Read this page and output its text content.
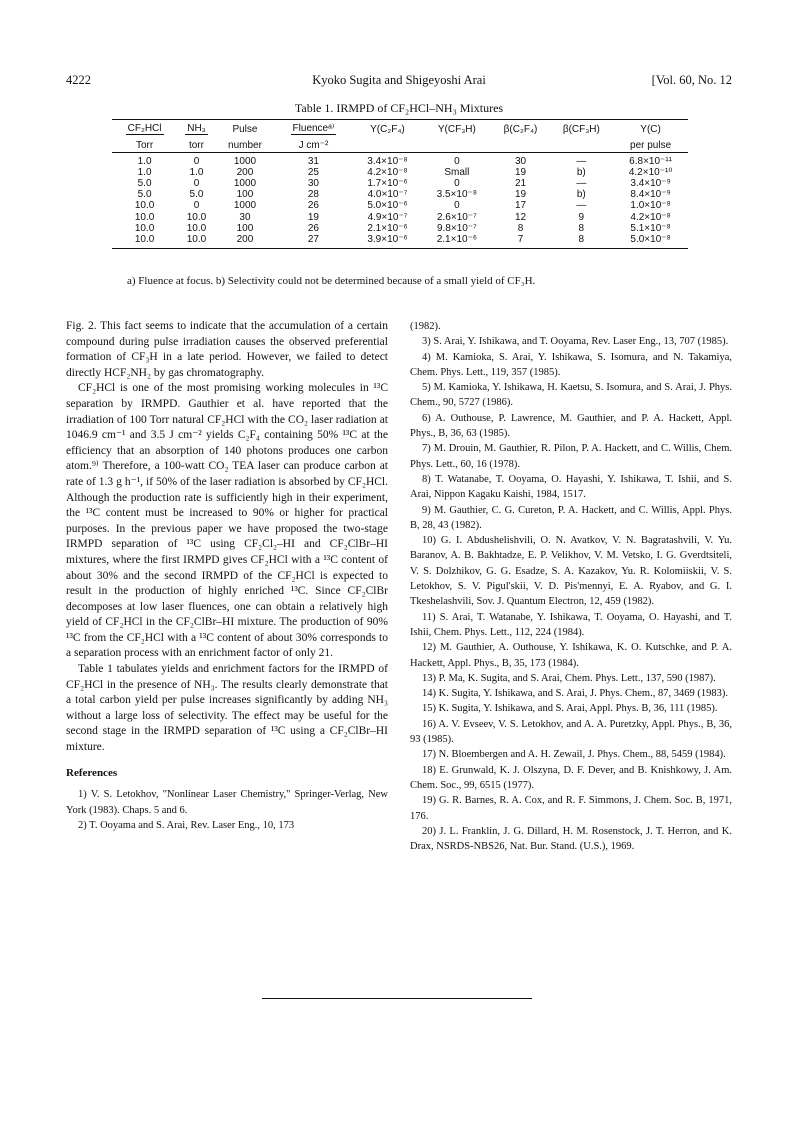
4222	Kyoko Sugita and Shigeyoshi Arai	[Vol. 60, No. 12
Table 1. IRMPD of CF₂HCl–NH₃ Mixtures
CF₂HCl	NH₃	Pulse	Fluenceᵃ⁾	Y(C₂F₄)	Y(CF₃H)	β(C₂F₄)	β(CF₃H)	Y(C)
Torr	torr	number	J cm⁻²					per pulse
1.0	0	1000	31	3.4×10⁻⁸	0	30	—	6.8×10⁻¹¹
1.0	1.0	200	25	4.2×10⁻⁸	Small	19	b)	4.2×10⁻¹⁰
5.0	0	1000	30	1.7×10⁻⁶	0	21	—	3.4×10⁻⁹
5.0	5.0	100	28	4.0×10⁻⁷	3.5×10⁻⁸	19	b)	8.4×10⁻⁹
10.0	0	1000	26	5.0×10⁻⁶	0	17	—	1.0×10⁻⁸
10.0	10.0	30	19	4.9×10⁻⁷	2.6×10⁻⁷	12	9	4.2×10⁻⁸
10.0	10.0	100	26	2.1×10⁻⁶	9.8×10⁻⁷	8	8	5.1×10⁻⁸
10.0	10.0	200	27	3.9×10⁻⁶	2.1×10⁻⁶	7	8	5.0×10⁻⁸
a) Fluence at focus. b) Selectivity could not be determined because of a small yield of CF₃H.

Fig. 2. This fact seems to indicate that the accumulation of a certain compound during pulse irradiation causes the observed preferential formation of CF₃H in a late period. However, we failed to detect directly HCF₂NH₂ by gas chromatography.

CF₂HCl is one of the most promising working molecules in ¹³C separation by IRMPD. Gauthier et al. have reported that the irradiation of 100 Torr natural CF₂HCl with the CO₂ laser radiation at 1046.9 cm⁻¹ and 3.5 J cm⁻² yields C₂F₄ containing 50% ¹³C at the efficiency that an absorption of 140 photons produces one carbon atom.⁹⁾ Therefore, a 100-watt CO₂ TEA laser can produce carbon at rate of 1.3 g h⁻¹, if 50% of the laser radiation is absorbed by CF₂HCl. Although the production rate is sufficiently high in their experiment, the ¹³C content must be increased to 90% or higher for practical purposes. In the previous paper we have proposed the two-stage IRMPD separation of ¹³C using CF₂Cl₂–HI and CF₂ClBr–HI mixtures, where the first IRMPD gives CF₂HCl with a ¹³C content of about 30% and the second IRMPD of the CF₂HCl is expected to result in the production of highly enriched ¹³C. Since CF₂ClBr decomposes at low laser fluences, one can obtain a relatively high yield of CF₂HCl in the CF₂ClBr–HI mixture. The production of 90% ¹³C from the CF₂HCl with a ¹³C content of about 30% corresponds to a separation process with an enrichment factor of only 21.

Table 1 tabulates yields and enrichment factors for the IRMPD of CF₂HCl in the presence of NH₃. The results clearly demonstrate that a total carbon yield per pulse increases significantly by adding NH₃ without a large loss of selectivity. The effect may be useful for the second stage in the IRMPD separation of ¹³C using a CF₂ClBr–HI mixture.

References

1) V. S. Letokhov, "Nonlinear Laser Chemistry," Springer-Verlag, New York (1983). Chaps. 5 and 6.

2) T. Ooyama and S. Arai, Rev. Laser Eng., 10, 173

(1982).

3) S. Arai, Y. Ishikawa, and T. Ooyama, Rev. Laser Eng., 13, 707 (1985).

4) M. Kamioka, S. Arai, Y. Ishikawa, S. Isomura, and N. Takamiya, Chem. Phys. Lett., 119, 357 (1985).

5) M. Kamioka, Y. Ishikawa, H. Kaetsu, S. Isomura, and S. Arai, J. Phys. Chem., 90, 5727 (1986).

6) A. Outhouse, P. Lawrence, M. Gauthier, and P. A. Hackett, Appl. Phys., B, 36, 63 (1985).

7) M. Drouin, M. Gauthier, R. Pilon, P. A. Hackett, and C. Willis, Chem. Phys. Lett., 60, 16 (1978).

8) T. Watanabe, T. Ooyama, O. Hayashi, Y. Ishikawa, T. Ishii, and S. Arai, Nippon Kagaku Kaishi, 1984, 1517.

9) M. Gauthier, C. G. Cureton, P. A. Hackett, and C. Willis, Appl. Phys. B, 28, 43 (1982).

10) G. I. Abdushelishvili, O. N. Avatkov, V. N. Bagratashvili, V. Yu. Baranov, A. B. Bakhtadze, E. P. Velikhov, V. M. Vetsko, I. G. Gverdtsiteli, V. S. Dolzhikov, G. G. Esadze, S. A. Kazakov, Yu. R. Kolomiiskii, V. S. Letokhov, S. V. Pigul'skii, V. D. Pis'mennyi, E. A. Ryabov, and G. I. Tkeshelashvili, Sov. J. Quantum Electron, 12, 459 (1982).

11) S. Arai, T. Watanabe, Y. Ishikawa, T. Ooyama, O. Hayashi, and T. Ishii, Chem. Phys. Lett., 112, 224 (1984).

12) M. Gauthier, A. Outhouse, Y. Ishikawa, K. O. Kutschke, and P. A. Hackett, Appl. Phys., B, 35, 173 (1984).

13) P. Ma, K. Sugita, and S. Arai, Chem. Phys. Lett., 137, 590 (1987).

14) K. Sugita, Y. Ishikawa, and S. Arai, J. Phys. Chem., 87, 3469 (1983).

15) K. Sugita, Y. Ishikawa, and S. Arai, Appl. Phys. B, 36, 111 (1985).

16) A. V. Evseev, V. S. Letokhov, and A. A. Puretzky, Appl. Phys., B, 36, 93 (1985).

17) N. Bloembergen and A. H. Zewail, J. Phys. Chem., 88, 5459 (1984).

18) E. Grunwald, K. J. Olszyna, D. F. Dever, and B. Knishkowy, J. Am. Chem. Soc., 99, 6515 (1977).

19) G. R. Barnes, R. A. Cox, and R. F. Simmons, J. Chem. Soc. B, 1971, 176.

20) J. L. Franklin, J. G. Dillard, H. M. Rosenstock, J. T. Herron, and K. Drax, NSRDS-NBS26, Nat. Bur. Stand. (U.S.), 1969.
